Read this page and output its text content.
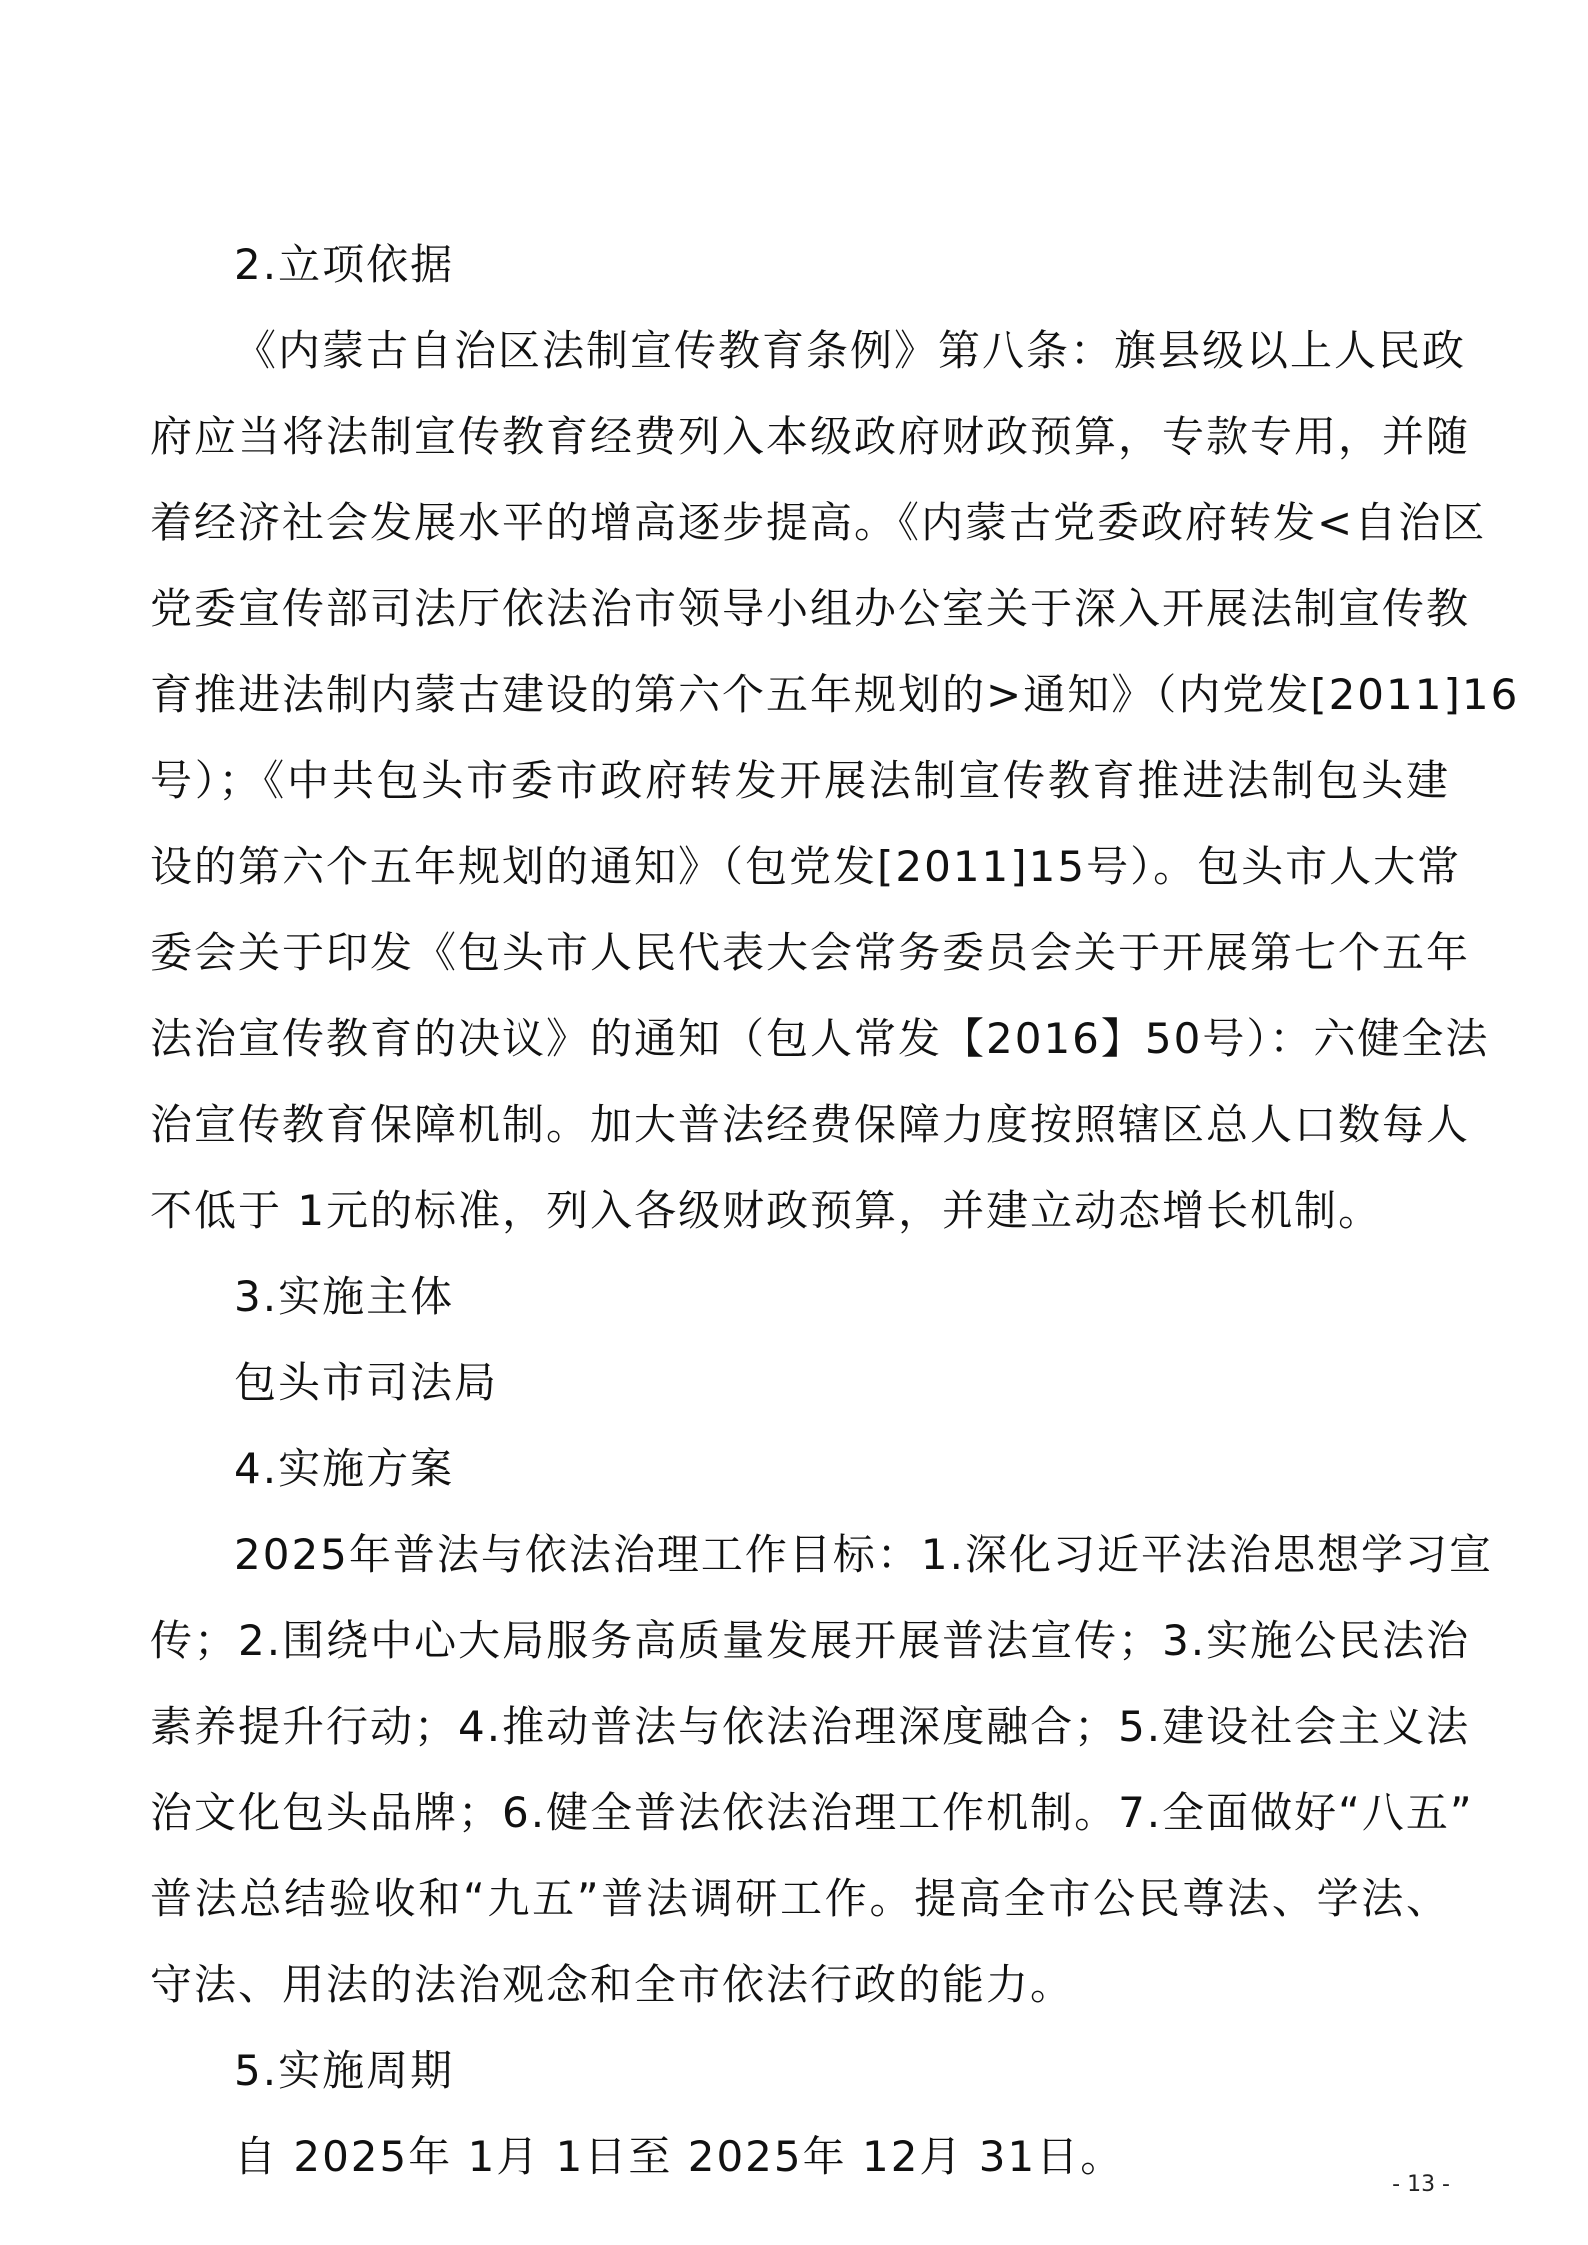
2.立项依据
《内蒙古自治区法制宣传教育条例》第八条：旗县级以上人民政
府应当将法制宣传教育经费列入本级政府财政预算，专款专用，并随
着经济社会发展水平的增高逐步提高。《内蒙古党委政府转发<自治区
党委宣传部司法厅依法治市领导小组办公室关于深入开展法制宣传教
育推进法制内蒙古建设的第六个五年规划的>通知》（内党发[2011]16
号）；《中共包头市委市政府转发开展法制宣传教育推进法制包头建
设的第六个五年规划的通知》（包党发[2011]15号）。包头市人大常
委会关于印发《包头市人民代表大会常务委员会关于开展第七个五年
法治宣传教育的决议》的通知（包人常发【2016】50号）：六健全法
治宣传教育保障机制。加大普法经费保障力度按照辖区总人口数每人
不低于 1元的标准，列入各级财政预算，并建立动态增长机制。
3.实施主体
包头市司法局
4.实施方案
2025年普法与依法治理工作目标：1.深化习近平法治思想学习宣
传；2.围绕中心大局服务高质量发展开展普法宣传；3.实施公民法治
素养提升行动；4.推动普法与依法治理深度融合；5.建设社会主义法
治文化包头品牌；6.健全普法依法治理工作机制。7.全面做好“八五”
普法总结验收和“九五”普法调研工作。提高全市公民尊法、学法、
守法、用法的法治观念和全市依法行政的能力。
5.实施周期
自 2025年 1月 1日至 2025年 12月 31日。
- 13 -
